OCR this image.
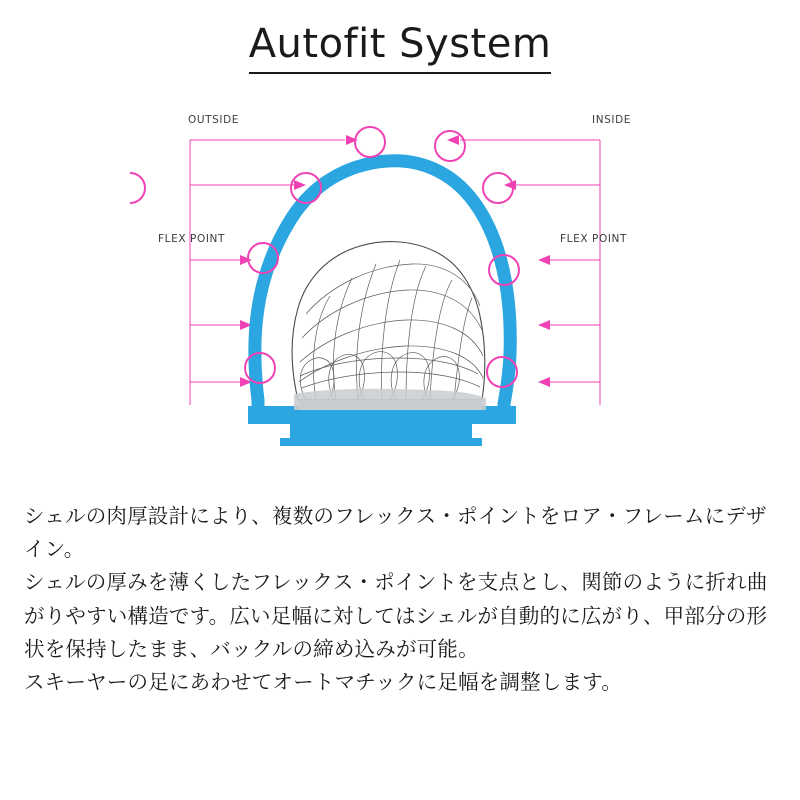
Autofit System
OUTSIDE	INSIDE
FLEX POINT	FLEX POINT

シェルの肉厚設計により、複数のフレックス・ポイントをロア・フレームにデザイン。

シェルの厚みを薄くしたフレックス・ポイントを支点とし、関節のように折れ曲がりやすい構造です。広い足幅に対してはシェルが自動的に広がり、甲部分の形状を保持したまま、バックルの締め込みが可能。

スキーヤーの足にあわせてオートマチックに足幅を調整します。
